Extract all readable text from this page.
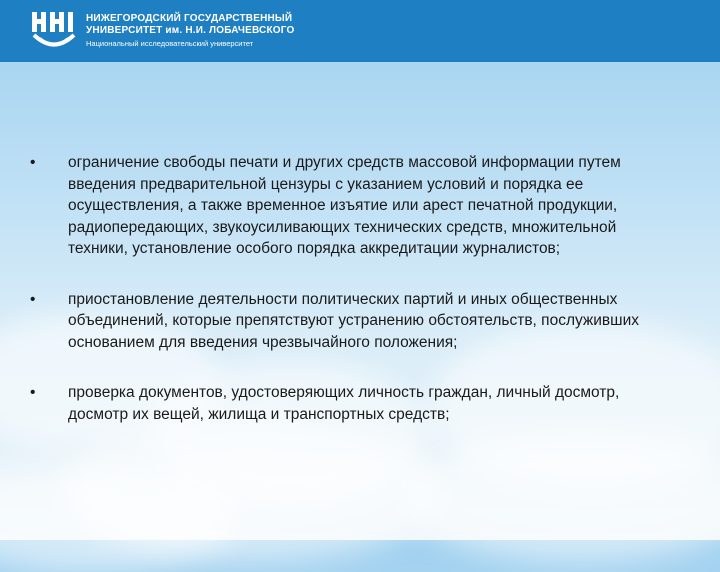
НИЖЕГОРОДСКИЙ ГОСУДАРСТВЕННЫЙ
УНИВЕРСИТЕТ им. Н.И. ЛОБАЧЕВСКОГО
Национальный исследовательский университет
•	ограничение свободы печати и других средств массовой информации путем введения предварительной цензуры с указанием условий и порядка ее осуществления, а также временное изъятие или арест печатной продукции, радиопередающих, звукоусиливающих технических средств, множительной техники, установление особого порядка аккредитации журналистов;
•	приостановление деятельности политических партий и иных общественных объединений, которые препятствуют устранению обстоятельств, послуживших основанием для введения чрезвычайного положения;
•	проверка документов, удостоверяющих личность граждан, личный досмотр, досмотр их вещей, жилища и транспортных средств;
